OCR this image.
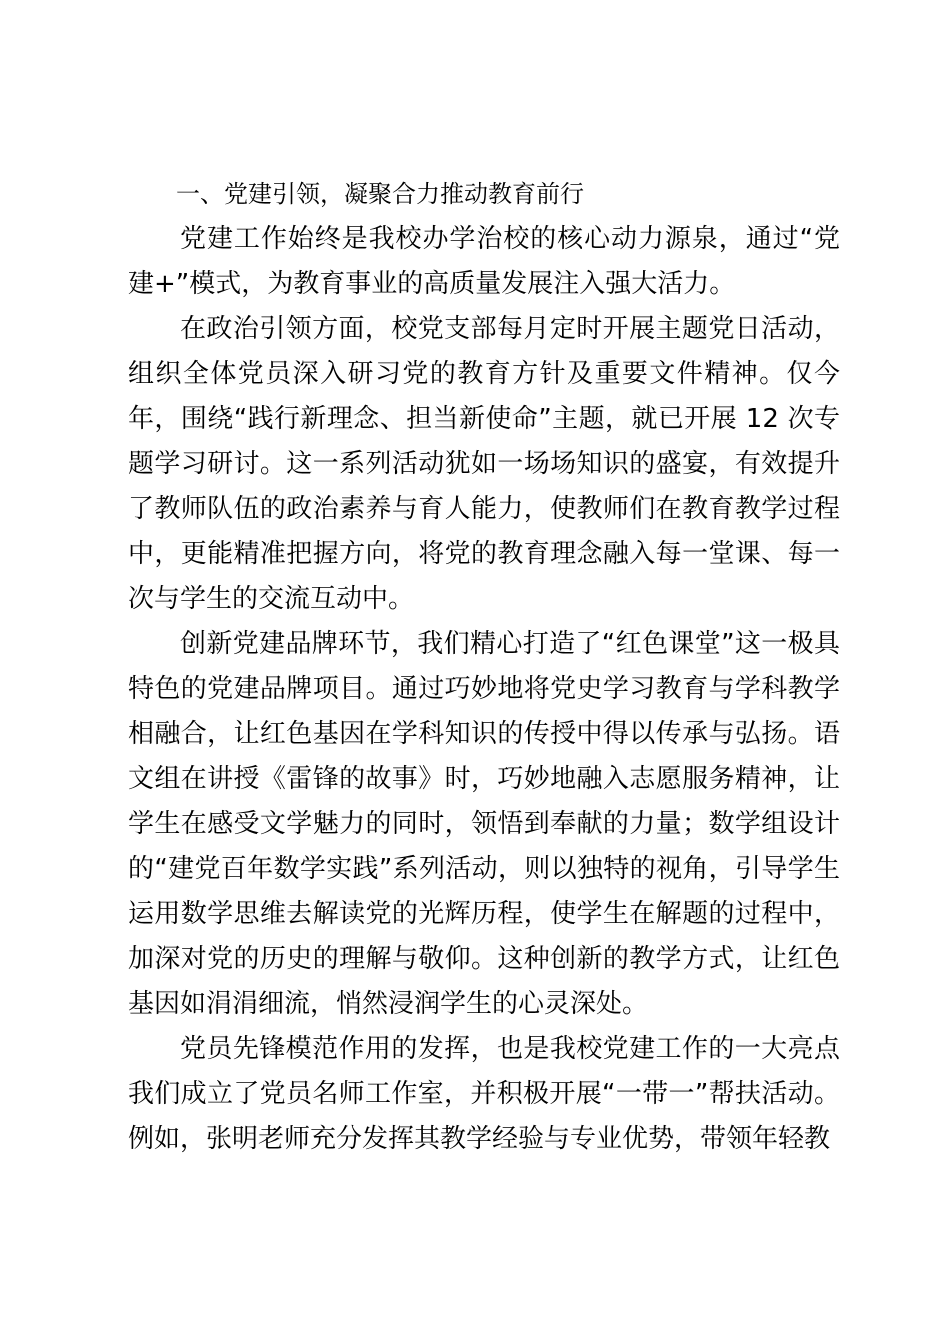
一、党建引领，凝聚合力推动教育前行

党建工作始终是我校办学治校的核心动力源泉，通过“党建+”模式，为教育事业的高质量发展注入强大活力。

在政治引领方面，校党支部每月定时开展主题党日活动，组织全体党员深入研习党的教育方针及重要文件精神。仅今年，围绕“践行新理念、担当新使命”主题，就已开展 12 次专题学习研讨。这一系列活动犹如一场场知识的盛宴，有效提升了教师队伍的政治素养与育人能力，使教师们在教育教学过程中，更能精准把握方向，将党的教育理念融入每一堂课、每一次与学生的交流互动中。

创新党建品牌环节，我们精心打造了“红色课堂”这一极具特色的党建品牌项目。通过巧妙地将党史学习教育与学科教学相融合，让红色基因在学科知识的传授中得以传承与弘扬。语文组在讲授《雷锋的故事》时，巧妙地融入志愿服务精神，让学生在感受文学魅力的同时，领悟到奉献的力量；数学组设计的“建党百年数学实践”系列活动，则以独特的视角，引导学生运用数学思维去解读党的光辉历程，使学生在解题的过程中，加深对党的历史的理解与敬仰。这种创新的教学方式，让红色基因如涓涓细流，悄然浸润学生的心灵深处。

党员先锋模范作用的发挥，也是我校党建工作的一大亮点我们成立了党员名师工作室，并积极开展“一带一”帮扶活动。例如，张明老师充分发挥其教学经验与专业优势，带领年轻教
